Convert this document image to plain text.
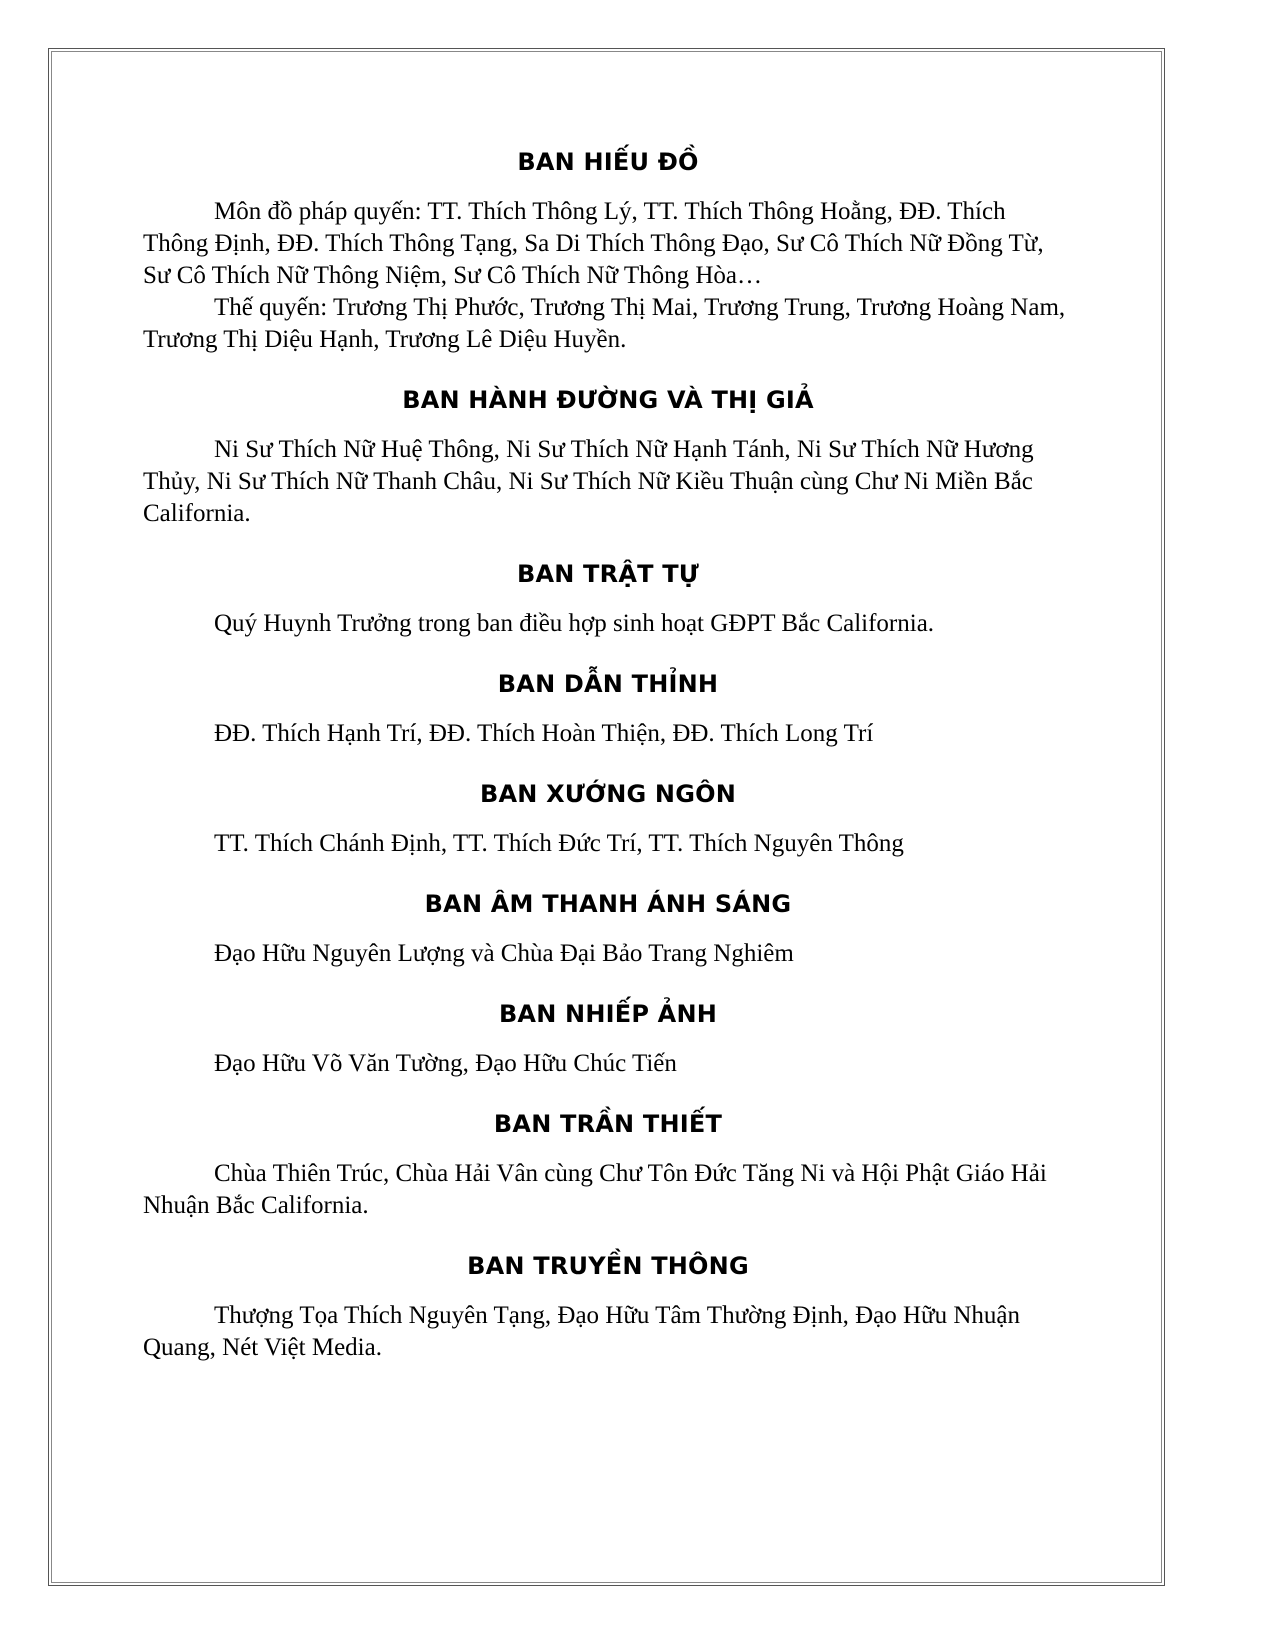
BAN HIẾU ĐỒ

Môn đồ pháp quyến: TT. Thích Thông Lý, TT. Thích Thông Hoằng, ĐĐ. Thích Thông Định, ĐĐ. Thích Thông Tạng, Sa Di Thích Thông Đạo, Sư Cô Thích Nữ Đồng Từ, Sư Cô Thích Nữ Thông Niệm, Sư Cô Thích Nữ Thông Hòa…

Thế quyến: Trương Thị Phước, Trương Thị Mai, Trương Trung, Trương Hoàng Nam, Trương Thị Diệu Hạnh, Trương Lê Diệu Huyền.

BAN HÀNH ĐƯỜNG VÀ THỊ GIẢ

Ni Sư Thích Nữ Huệ Thông, Ni Sư Thích Nữ Hạnh Tánh, Ni Sư Thích Nữ Hương Thủy, Ni Sư Thích Nữ Thanh Châu, Ni Sư Thích Nữ Kiều Thuận cùng Chư Ni Miền Bắc California.

BAN TRẬT TỰ

Quý Huynh Trưởng trong ban điều hợp sinh hoạt GĐPT Bắc California.

BAN DẪN THỈNH

ĐĐ. Thích Hạnh Trí, ĐĐ. Thích Hoàn Thiện, ĐĐ. Thích Long Trí

BAN XƯỚNG NGÔN

TT. Thích Chánh Định, TT. Thích Đức Trí, TT. Thích Nguyên Thông

BAN ÂM THANH ÁNH SÁNG

Đạo Hữu Nguyên Lượng và Chùa Đại Bảo Trang Nghiêm

BAN NHIẾP ẢNH

Đạo Hữu Võ Văn Tường, Đạo Hữu Chúc Tiến

BAN TRẦN THIẾT

Chùa Thiên Trúc, Chùa Hải Vân cùng Chư Tôn Đức Tăng Ni và Hội Phật Giáo Hải Nhuận Bắc California.

BAN TRUYỀN THÔNG

Thượng Tọa Thích Nguyên Tạng, Đạo Hữu Tâm Thường Định, Đạo Hữu Nhuận Quang, Nét Việt Media.
